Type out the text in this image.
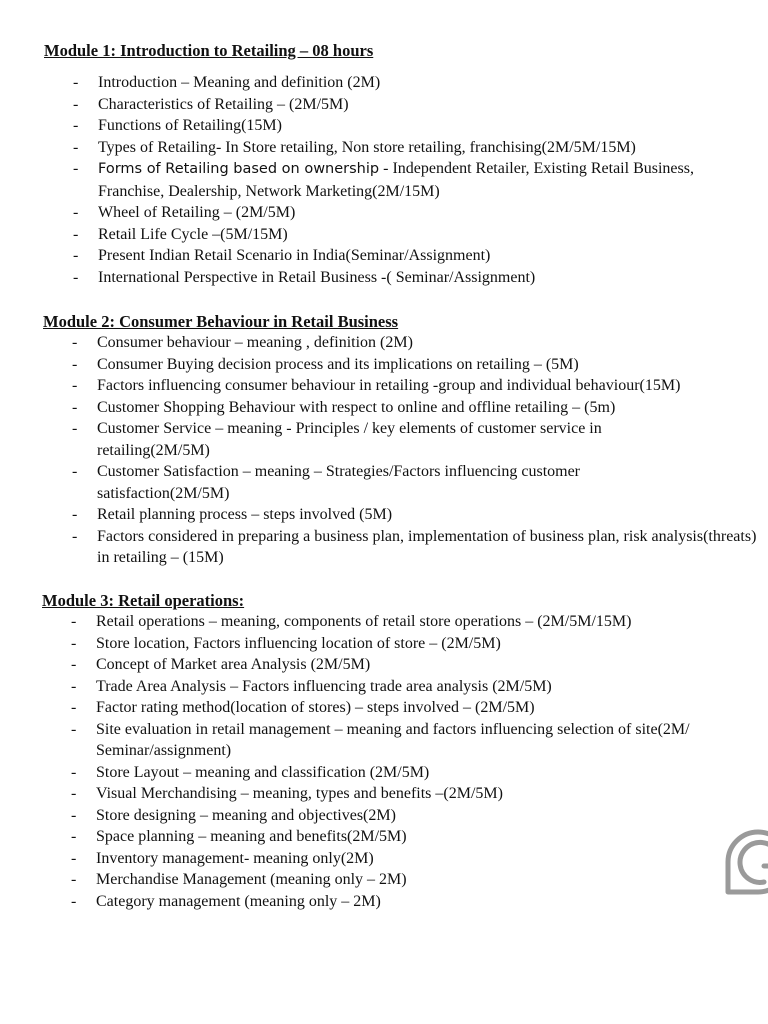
Module 1: Introduction to Retailing – 08 hours
- Introduction – Meaning and definition (2M)
- Characteristics of Retailing – (2M/5M)
- Functions of Retailing(15M)
- Types of Retailing- In Store retailing, Non store retailing, franchising(2M/5M/15M)
- Forms of Retailing based on ownership - Independent Retailer, Existing Retail Business, Franchise, Dealership, Network Marketing(2M/15M)
- Wheel of Retailing – (2M/5M)
- Retail Life Cycle –(5M/15M)
- Present Indian Retail Scenario in India(Seminar/Assignment)
- International Perspective in Retail Business -( Seminar/Assignment)
Module 2: Consumer Behaviour in Retail Business
- Consumer behaviour – meaning , definition (2M)
- Consumer Buying decision process and its implications on retailing – (5M)
- Factors influencing consumer behaviour in retailing -group and individual behaviour(15M)
- Customer Shopping Behaviour with respect to online and offline retailing – (5m)
- Customer Service – meaning - Principles / key elements of customer service in retailing(2M/5M)
- Customer Satisfaction – meaning – Strategies/Factors influencing customer satisfaction(2M/5M)
- Retail planning process – steps involved (5M)
- Factors considered in preparing a business plan, implementation of business plan, risk analysis(threats) in retailing – (15M)
Module 3: Retail operations:
- Retail operations – meaning, components of retail store operations – (2M/5M/15M)
- Store location, Factors influencing location of store – (2M/5M)
- Concept of Market area Analysis (2M/5M)
- Trade Area Analysis – Factors influencing trade area analysis (2M/5M)
- Factor rating method(location of stores) – steps involved – (2M/5M)
- Site evaluation in retail management – meaning and factors influencing selection of site(2M/ Seminar/assignment)
- Store Layout – meaning and classification (2M/5M)
- Visual Merchandising – meaning, types and benefits –(2M/5M)
- Store designing – meaning and objectives(2M)
- Space planning – meaning and benefits(2M/5M)
- Inventory management- meaning only(2M)
- Merchandise Management (meaning only – 2M)
- Category management (meaning only – 2M)
